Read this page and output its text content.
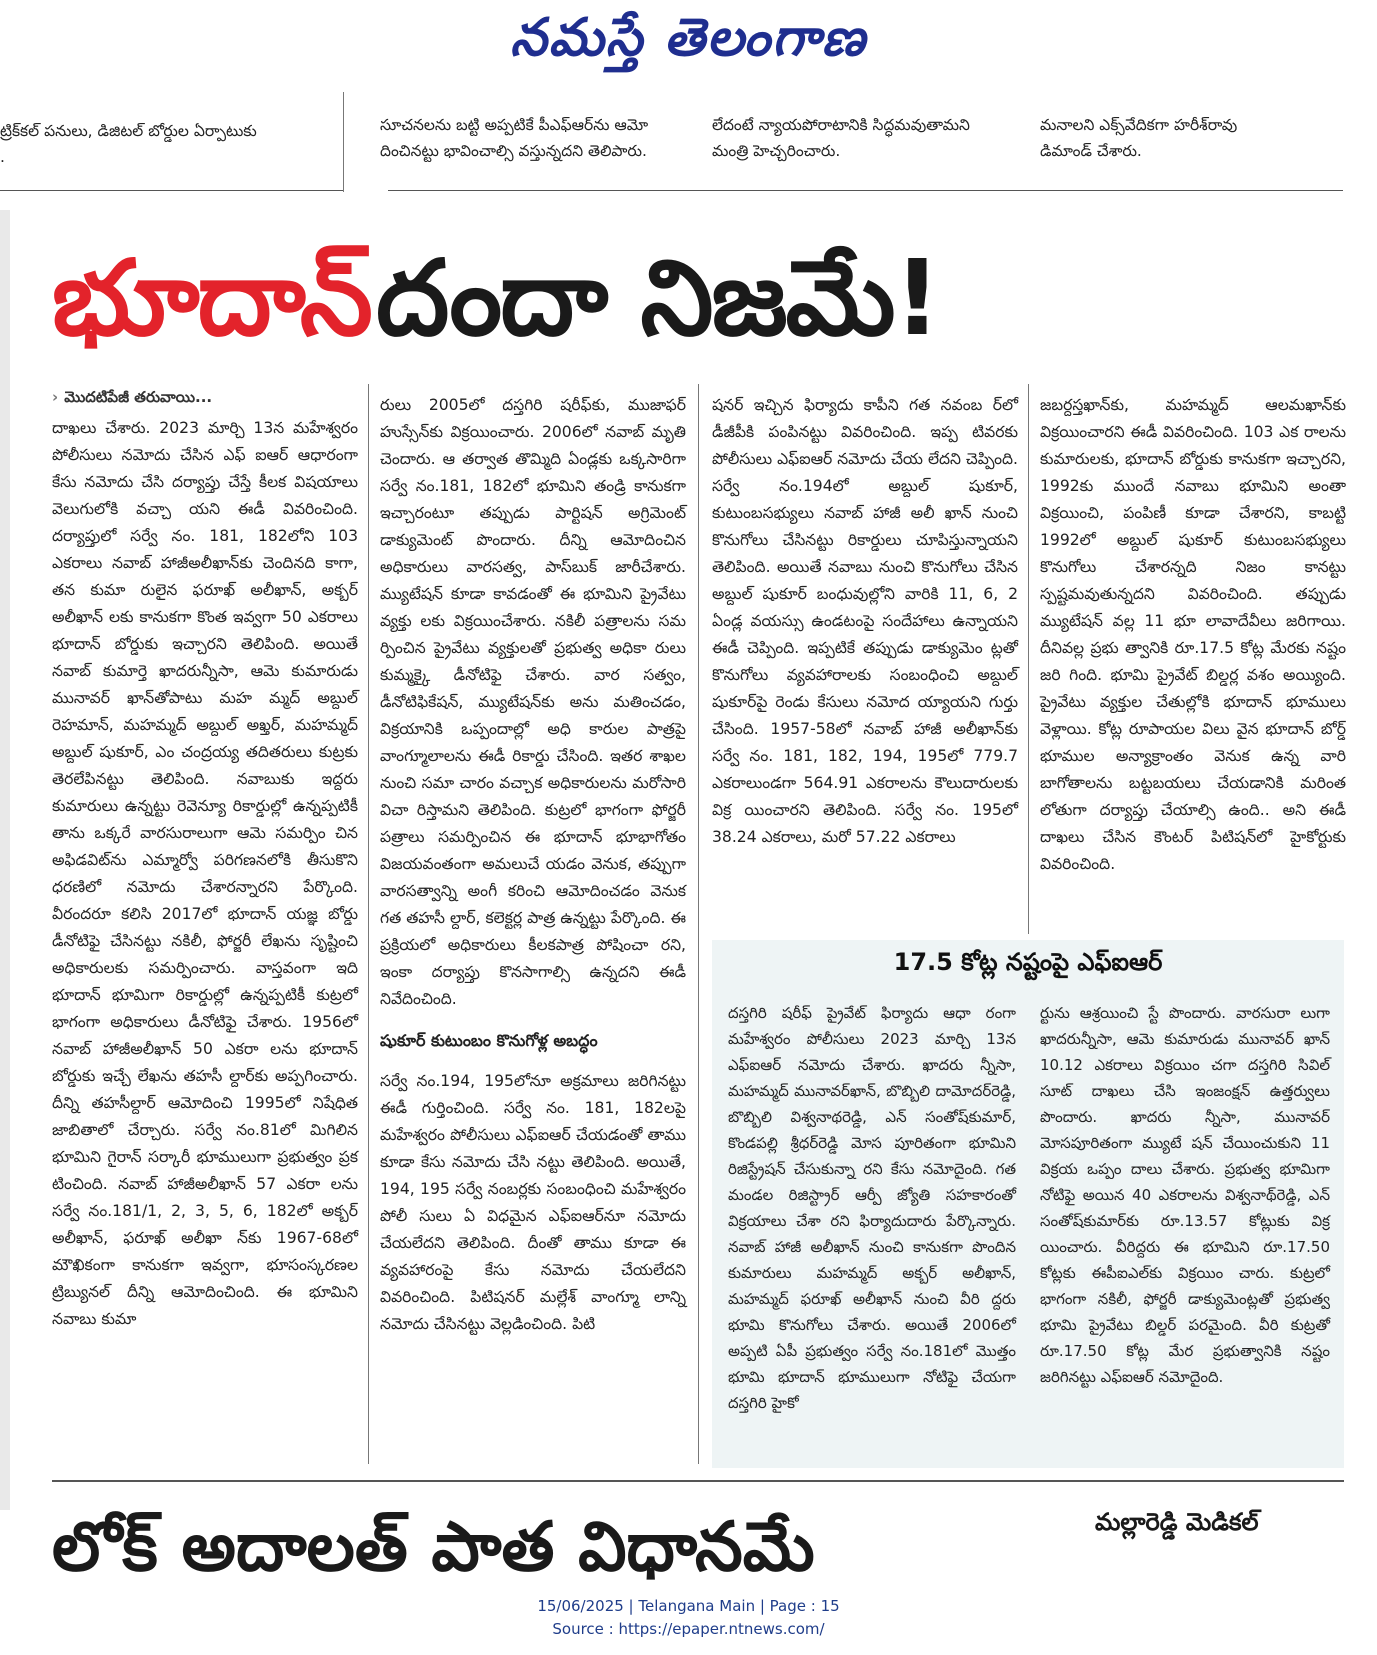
నమస్తే తెలంగాణ

ట్రిక్‌కల్ పనులు, డిజిటల్ బోర్డుల ఏర్పాటుకు

.

సూచనలను బట్టి అప్పటికే పీఎఫ్‌ఆర్‌ను ఆమో

దించినట్టు భావించాల్సి వస్తున్నదని తెలిపారు.

లేదంటే న్యాయపోరాటానికి సిద్ధమవుతామని

మంత్రి హెచ్చరించారు.

మనాలని ఎక్స్‌వేదికగా హరీశ్‌రావు

డిమాండ్ చేశారు.

భూదాన్ దందా నిజమే!
› మొదటిపేజీ తరువాయి...

దాఖలు చేశారు. 2023 మార్చి 13న మహేశ్వరం పోలీసులు నమోదు చేసిన ఎఫ్ ఐఆర్ ఆధారంగా కేసు నమోదు చేసి దర్యాప్తు చేస్తే కీలక విషయాలు వెలుగులోకి వచ్చా యని ఈడీ వివరించింది. దర్యాప్తులో సర్వే నం. 181, 182లోని 103 ఎకరాలు నవాబ్ హాజీఅలీఖాన్‌కు చెందినది కాగా, తన కుమా రులైన ఫరూఖ్ అలీఖాన్, అక్బర్ అలీఖాన్ లకు కానుకగా కొంత ఇవ్వగా 50 ఎకరాలు భూదాన్ బోర్డుకు ఇచ్చారని తెలిపింది. అయితే నవాబ్ కుమార్తె ఖాదరున్నీసా, ఆమె కుమారుడు మునావర్ ఖాన్‌తోపాటు మహ మ్మద్ అబ్దుల్ రెహమాన్, మహమ్మద్ అబ్దుల్ అఖ్తర్, మహమ్మద్ అబ్దుల్ షుకూర్, ఎం చంద్రయ్య తదితరులు కుట్రకు తెరలేపినట్టు తెలిపింది. నవాబుకు ఇద్దరు కుమారులు ఉన్నట్టు రెవెన్యూ రికార్డుల్లో ఉన్నప్పటికీ తాను ఒక్కరే వారసురాలుగా ఆమె సమర్పిం చిన అఫిడవిట్‌ను ఎమ్మార్వో పరిగణనలోకి తీసుకొని ధరణిలో నమోదు చేశారన్నారని పేర్కొంది. వీరందరూ కలిసి 2017లో భూదాన్ యజ్ఞ బోర్డు డీనోటిఫై చేసినట్టు నకిలీ, ఫోర్జరీ లేఖను సృష్టించి అధికారులకు సమర్పించారు. వాస్తవంగా ఇది భూదాన్ భూమిగా రికార్డుల్లో ఉన్నప్పటికీ కుట్రలో భాగంగా అధికారులు డీనోటిఫై చేశారు. 1956లో నవాబ్ హాజీఅలీఖాన్ 50 ఎకరా లను భూదాన్ బోర్డుకు ఇచ్చే లేఖను తహసీ ల్దార్‌కు అప్పగించారు. దీన్ని తహసీల్దార్ ఆమోదించి 1995లో నిషేధిత జాబితాలో చేర్చారు. సర్వే నం.81లో మిగిలిన భూమిని గైరాన్ సర్కారీ భూములుగా ప్రభుత్వం ప్రక టించింది. నవాబ్ హాజీఅలీఖాన్ 57 ఎకరా లను సర్వే నం.181/1, 2, 3, 5, 6, 182లో అక్బర్ అలీఖాన్, ఫరూఖ్ అలీఖా న్‌కు 1967-68లో మౌఖికంగా కానుకగా ఇవ్వగా, భూసంస్కరణల ట్రిబ్యునల్ దీన్ని ఆమోదించింది. ఈ భూమిని నవాబు కుమా

రులు 2005లో దస్తగిరి షరీఫ్‌కు, ముజాఫర్ హుస్సేన్‌కు విక్రయించారు. 2006లో నవాబ్ మృతి చెందారు. ఆ తర్వాత తొమ్మిది ఏండ్లకు ఒక్కసారిగా సర్వే నం.181, 182లో భూమిని తండ్రి కానుకగా ఇచ్చారంటూ తప్పుడు పార్టిషన్ అగ్రిమెంట్ డాక్యుమెంట్ పొందారు. దీన్ని ఆమోదించిన అధికారులు వారసత్వ, పాస్‌బుక్ జారీచేశారు. మ్యుటేషన్ కూడా కావడంతో ఈ భూమిని ప్రైవేటు వ్యక్తు లకు విక్రయించేశారు. నకిలీ పత్రాలను సమ ర్పించిన ప్రైవేటు వ్యక్తులతో ప్రభుత్వ అధికా రులు కుమ్మక్కై డీనోటిఫై చేశారు. వార సత్వం, డీనోటిఫికేషన్, మ్యుటేషన్‌కు అను మతించడం, విక్రయానికి ఒప్పందాల్లో అధి కారుల పాత్రపై వాంగ్మూలాలను ఈడీ రికార్డు చేసింది. ఇతర శాఖల నుంచి సమా చారం వచ్చాక అధికారులను మరోసారి విచా రిస్తామని తెలిపింది. కుట్రలో భాగంగా ఫోర్జరీ పత్రాలు సమర్పించిన ఈ భూదాన్ భూభాగోతం విజయవంతంగా అమలుచే యడం వెనుక, తప్పుగా వారసత్వాన్ని అంగీ కరించి ఆమోదించడం వెనుక గత తహసీ ల్దార్, కలెక్టర్ల పాత్ర ఉన్నట్టు పేర్కొంది. ఈ ప్రక్రియలో అధికారులు కీలకపాత్ర పోషించా రని, ఇంకా దర్యాప్తు కొనసాగాల్సి ఉన్నదని ఈడీ నివేదించింది.

షుకూర్ కుటుంబం కొనుగోళ్ల అబద్ధం

సర్వే నం.194, 195లోనూ అక్రమాలు జరిగినట్టు ఈడీ గుర్తించింది. సర్వే నం. 181, 182లపై మహేశ్వరం పోలీసులు ఎఫ్ఐఆర్ చేయడంతో తాము కూడా కేసు నమోదు చేసి నట్టు తెలిపింది. అయితే, 194, 195 సర్వే నంబర్లకు సంబంధించి మహేశ్వరం పోలీ సులు ఏ విధమైన ఎఫ్ఐఆర్‌నూ నమోదు చేయలేదని తెలిపింది. దీంతో తాము కూడా ఈ వ్యవహారంపై కేసు నమోదు చేయలేదని వివరించింది. పిటిషనర్ మల్లేశ్ వాంగ్మూ లాన్ని నమోదు చేసినట్టు వెల్లడించింది. పిటి

షనర్ ఇచ్చిన ఫిర్యాదు కాపీని గత నవంబ ర్‌లో డీజీపీకి పంపినట్టు వివరించింది. ఇప్ప టివరకు పోలీసులు ఎఫ్ఐఆర్ నమోదు చేయ లేదని చెప్పింది. సర్వే నం.194లో అబ్దుల్ షుకూర్, కుటుంబసభ్యులు నవాబ్ హాజీ అలీ ఖాన్ నుంచి కొనుగోలు చేసినట్టు రికార్డులు చూపిస్తున్నాయని తెలిపింది. అయితే నవాబు నుంచి కొనుగోలు చేసిన అబ్దుల్ షుకూర్ బంధువుల్లోని వారికి 11, 6, 2 ఏండ్ల వయస్సు ఉండటంపై సందేహాలు ఉన్నాయని ఈడీ చెప్పింది. ఇప్పటికే తప్పుడు డాక్యుమెం ట్లతో కొనుగోలు వ్యవహారాలకు సంబంధించి అబ్దుల్ షుకూర్‌పై రెండు కేసులు నమోద య్యాయని గుర్తు చేసింది. 1957-58లో నవాబ్ హాజీ అలీఖాన్‌కు సర్వే నం. 181, 182, 194, 195లో 779.7 ఎకరాలుండగా 564.91 ఎకరాలను కౌలుదారులకు విక్ర యించారని తెలిపింది. సర్వే నం. 195లో 38.24 ఎకరాలు, మరో 57.22 ఎకరాలు

జబర్దస్తఖాన్‌కు, మహమ్మద్ ఆలమఖాన్‌కు విక్రయించారని ఈడీ వివరించింది. 103 ఎక రాలను కుమారులకు, భూదాన్ బోర్డుకు కానుకగా ఇచ్చారని, 1992కు ముందే నవాబు భూమిని అంతా విక్రయించి, పంపిణీ కూడా చేశారని, కాబట్టి 1992లో అబ్దుల్ షుకూర్ కుటుంబసభ్యులు కొనుగోలు చేశారన్నది నిజం కానట్టు స్పష్టమవుతున్నదని వివరించింది. తప్పుడు మ్యుటేషన్ వల్ల 11 భూ లావాదేవీలు జరిగాయి. దీనివల్ల ప్రభు త్వానికి రూ.17.5 కోట్ల మేరకు నష్టం జరి గింది. భూమి ప్రైవేట్ బిల్డర్ల వశం అయ్యింది. ప్రైవేటు వ్యక్తుల చేతుల్లోకి భూదాన్ భూములు వెళ్లాయి. కోట్ల రూపాయల విలు వైన భూదాన్ బోర్డ్ భూముల అన్యాక్రాంతం వెనుక ఉన్న వారి బాగోతాలను బట్టబయలు చేయడానికి మరింత లోతుగా దర్యాప్తు చేయాల్సి ఉంది.. అని ఈడీ దాఖలు చేసిన కౌంటర్ పిటిషన్‌లో హైకోర్టుకు వివరించింది.

17.5 కోట్ల నష్టంపై ఎఫ్ఐఆర్

దస్తగిరి షరీఫ్ ప్రైవేట్ ఫిర్యాదు ఆధా రంగా మహేశ్వరం పోలీసులు 2023 మార్చి 13న ఎఫ్ఐఆర్ నమోదు చేశారు. ఖాదరు న్నీసా, మహమ్మద్ మునావర్‌ఖాన్, బొబ్బిలి దామోదర్‌రెడ్డి, బొబ్బిలి విశ్వనాథరెడ్డి, ఎన్ సంతోష్‌కుమార్, కొండపల్లి శ్రీధర్‌రెడ్డి మోస పూరితంగా భూమిని రిజిస్ట్రేషన్ చేసుకున్నా రని కేసు నమోదైంది. గత మండల రిజిస్ట్రార్ ఆర్పీ జ్యోతి సహకారంతో విక్రయాలు చేశా రని ఫిర్యాదుదారు పేర్కొన్నారు. నవాబ్ హాజీ అలీఖాన్ నుంచి కానుకగా పొందిన కుమారులు మహమ్మద్ అక్బర్ అలీఖాన్, మహమ్మద్ ఫరూఖ్ అలీఖాన్ నుంచి వీరి ద్దరు భూమి కొనుగోలు చేశారు. అయితే 2006లో అప్పటి ఏపీ ప్రభుత్వం సర్వే నం.181లో మొత్తం భూమి భూదాన్ భూములుగా నోటిఫై చేయగా దస్తగిరి హైకో

ర్టును ఆశ్రయించి స్టే పొందారు. వారసురా లుగా ఖాదరున్నీసా, ఆమె కుమారుడు మునావర్ ఖాన్ 10.12 ఎకరాలు విక్రయిం చగా దస్తగిరి సివిల్ సూట్ దాఖలు చేసి ఇంజంక్షన్ ఉత్తర్వులు పొందారు. ఖాదరు న్నీసా, మునావర్ మోసపూరితంగా మ్యుటే షన్ చేయించుకుని 11 విక్రయ ఒప్పం దాలు చేశారు. ప్రభుత్వ భూమిగా నోటిఫై అయిన 40 ఎకరాలను విశ్వనాథ్‌రెడ్డి, ఎన్ సంతోష్‌కుమార్‌కు రూ.13.57 కోట్లుకు విక్ర యించారు. వీరిద్దరు ఈ భూమిని రూ.17.50 కోట్లకు ఈపీఐఎల్‌కు విక్రయిం చారు. కుట్రలో భాగంగా నకిలీ, ఫోర్జరీ డాక్యుమెంట్లతో ప్రభుత్వ భూమి ప్రైవేటు బిల్డర్ పరమైంది. వీరి కుట్రతో రూ.17.50 కోట్ల మేర ప్రభుత్వానికి నష్టం జరిగినట్టు ఎఫ్ఐఆర్ నమోదైంది.

లోక్ అదాలత్ పాత విధానమే	మల్లారెడ్డి మెడికల్
15/06/2025 | Telangana Main | Page : 15
Source : https://epaper.ntnews.com/
